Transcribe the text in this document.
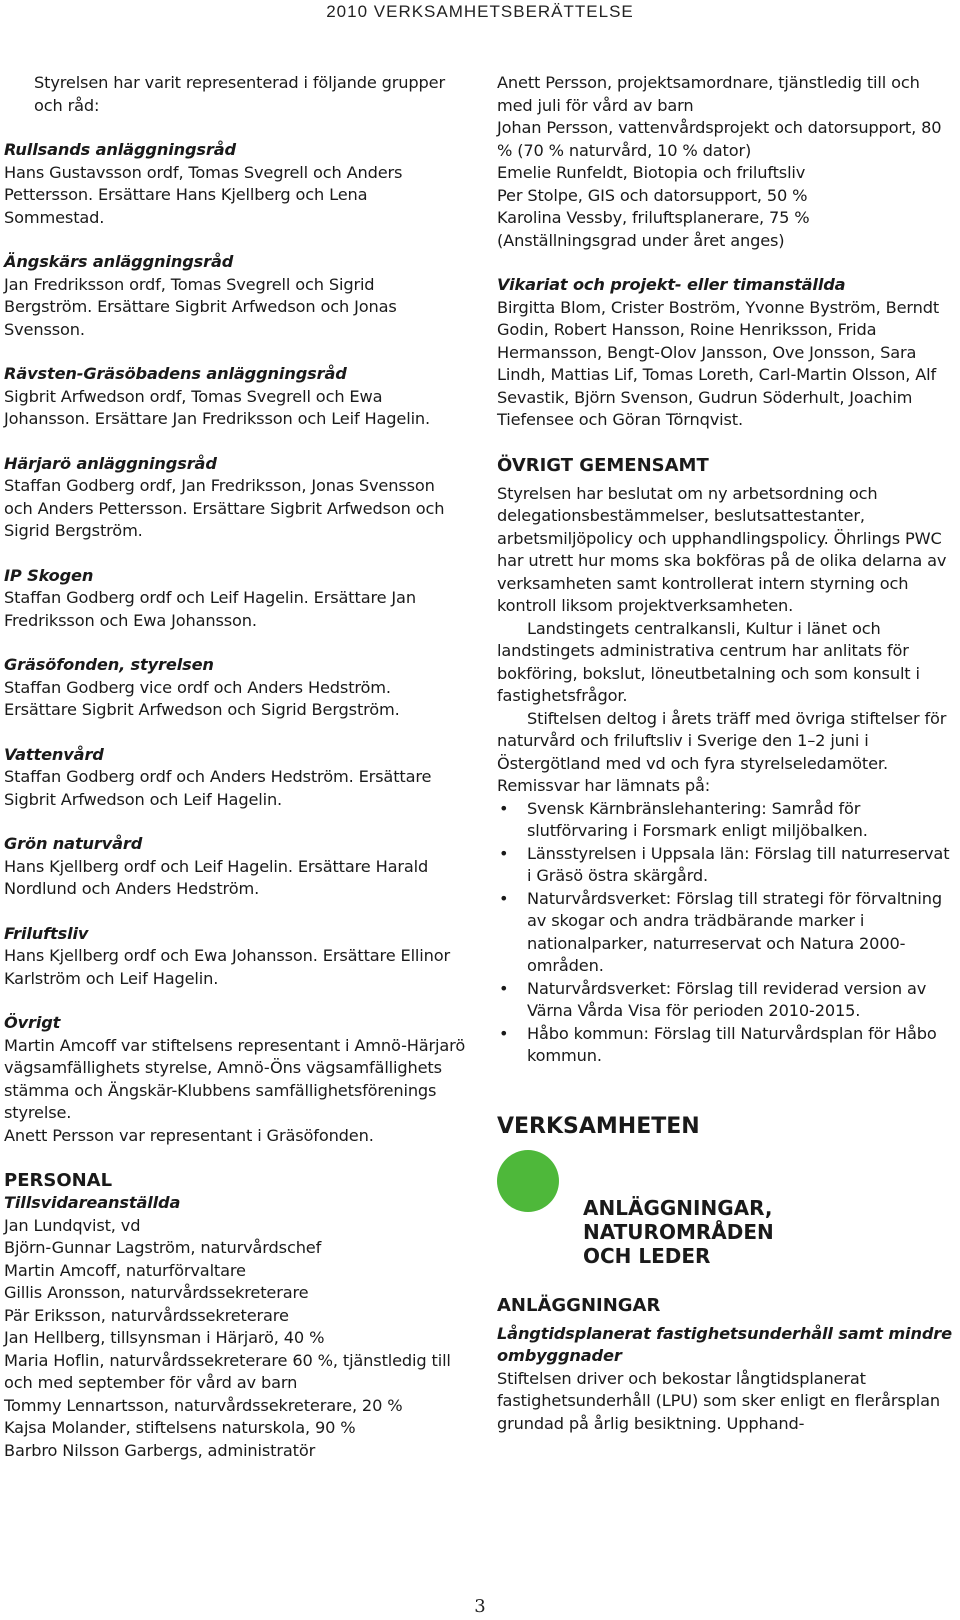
2010 VERKSAMHETSBERÄTTELSE

Styrelsen har varit representerad i följande grupper och råd:

Rullsands anläggningsråd

Hans Gustavsson ordf, Tomas Svegrell och Anders Pettersson. Ersättare Hans Kjellberg och Lena Sommestad.

Ängskärs anläggningsråd

Jan Fredriksson ordf, Tomas Svegrell och Sigrid Bergström. Ersättare Sigbrit Arfwedson och Jonas Svensson.

Rävsten-Gräsöbadens anläggningsråd

Sigbrit Arfwedson ordf, Tomas Svegrell och Ewa Johansson. Ersättare Jan Fredriksson och Leif Hagelin.

Härjarö anläggningsråd

Staffan Godberg ordf, Jan Fredriksson, Jonas Svensson och Anders Pettersson. Ersättare Sigbrit Arfwedson och Sigrid Bergström.

IP Skogen

Staffan Godberg ordf och Leif Hagelin. Ersättare Jan Fredriksson och Ewa Johansson.

Gräsöfonden, styrelsen

Staffan Godberg vice ordf och Anders Hedström. Ersättare Sigbrit Arfwedson och Sigrid Bergström.

Vattenvård

Staffan Godberg ordf och Anders Hedström. Ersättare Sigbrit Arfwedson och Leif Hagelin.

Grön naturvård

Hans Kjellberg ordf och Leif Hagelin. Ersättare Harald Nordlund och Anders Hedström.

Friluftsliv

Hans Kjellberg ordf och Ewa Johansson. Ersättare Ellinor Karlström och Leif Hagelin.

Övrigt

Martin Amcoff var stiftelsens representant i Amnö-Härjarö vägsamfällighets styrelse, Amnö-Öns vägsamfällighets stämma och Ängskär-Klubbens samfällighetsförenings styrelse.

Anett Persson var representant i Gräsöfonden.

PERSONAL

Tillsvidareanställda

Jan Lundqvist, vd

Björn-Gunnar Lagström, naturvårdschef

Martin Amcoff, naturförvaltare

Gillis Aronsson, naturvårdssekreterare

Pär Eriksson, naturvårdssekreterare

Jan Hellberg, tillsynsman i Härjarö, 40 %

Maria Hoflin, naturvårdssekreterare 60 %, tjänstledig till och med september för vård av barn

Tommy Lennartsson, naturvårdssekreterare, 20 %

Kajsa Molander, stiftelsens naturskola, 90 %

Barbro Nilsson Garbergs, administratör

Anett Persson, projektsamordnare, tjänstledig till och med juli för vård av barn

Johan Persson, vattenvårdsprojekt och datorsupport, 80 % (70 % naturvård, 10 % dator)

Emelie Runfeldt, Biotopia och friluftsliv

Per Stolpe, GIS och datorsupport, 50 %

Karolina Vessby, friluftsplanerare, 75 %

(Anställningsgrad under året anges)

Vikariat och projekt- eller timanställda

Birgitta Blom, Crister Boström, Yvonne Byström, Berndt Godin, Robert Hansson, Roine Henriksson, Frida Hermansson, Bengt-Olov Jansson, Ove Jonsson, Sara Lindh, Mattias Lif, Tomas Loreth, Carl-Martin Olsson, Alf Sevastik, Björn Svenson, Gudrun Söderhult, Joachim Tiefensee och Göran Törnqvist.

ÖVRIGT GEMENSAMT

Styrelsen har beslutat om ny arbetsordning och delegationsbestämmelser, beslutsattestanter, arbetsmiljöpolicy och upphandlingspolicy. Öhrlings PWC har utrett hur moms ska bokföras på de olika delarna av verksamheten samt kontrollerat intern styrning och kontroll liksom projektverksamheten.

Landstingets centralkansli, Kultur i länet och landstingets administrativa centrum har anlitats för bokföring, bokslut, löneutbetalning och som konsult i fastighetsfrågor.

Stiftelsen deltog i årets träff med övriga stiftelser för naturvård och friluftsliv i Sverige den 1–2 juni i Östergötland med vd och fyra styrelseledamöter.

Remissvar har lämnats på:

• Svensk Kärnbränslehantering: Samråd för slutförvaring i Forsmark enligt miljöbalken.
• Länsstyrelsen i Uppsala län: Förslag till naturreservat i Gräsö östra skärgård.
• Naturvårdsverket: Förslag till strategi för förvaltning av skogar och andra trädbärande marker i nationalparker, naturreservat och Natura 2000-områden.
• Naturvårdsverket: Förslag till reviderad version av Värna Vårda Visa för perioden 2010-2015.
• Håbo kommun: Förslag till Naturvårdsplan för Håbo kommun.

VERKSAMHETEN

ANLÄGGNINGAR, NATUROMRÅDEN

OCH LEDER

ANLÄGGNINGAR

Långtidsplanerat fastighetsunderhåll samt mindre ombyggnader

Stiftelsen driver och bekostar långtidsplanerat fastighetsunderhåll (LPU) som sker enligt en flerårsplan grundad på årlig besiktning. Upphand-

3
